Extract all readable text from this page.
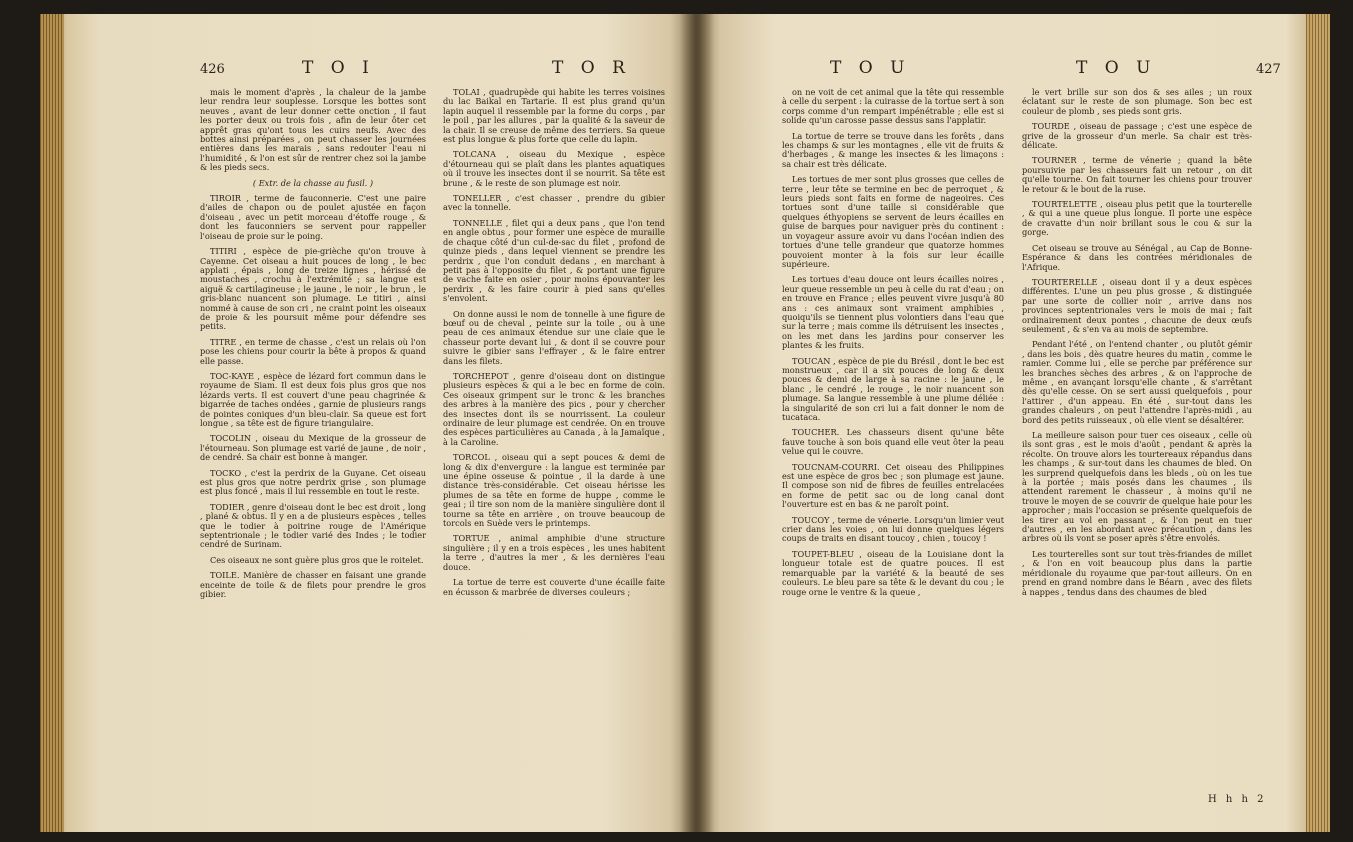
426	T O I	T O R

mais le moment d'après , la chaleur de la jambe leur rendra leur souplesse. Lorsque les bottes sont neuves , avant de leur donner cette onction , il faut les porter deux ou trois fois , afin de leur ôter cet apprêt gras qu'ont tous les cuirs neufs. Avec des bottes ainsi préparées , on peut chasser les journées entières dans les marais , sans redouter l'eau ni l'humidité , & l'on est sûr de rentrer chez soi la jambe & les pieds secs.

( Extr. de la chasse au fusil. )

TIROIR , terme de fauconnerie. C'est une paire d'ailes de chapon ou de poulet ajustée en façon d'oiseau , avec un petit morceau d'étoffe rouge , & dont les fauconniers se servent pour rappeller l'oiseau de proie sur le poing.

TITIRI , espèce de pie-grièche qu'on trouve à Cayenne. Cet oiseau a huit pouces de long , le bec applati , épais , long de treize lignes , hérissé de moustaches , crochu à l'extrémité ; sa langue est aiguë & cartilagineuse ; le jaune , le noir , le brun , le gris-blanc nuancent son plumage. Le titiri , ainsi nommé à cause de son cri , ne craint point les oiseaux de proie & les poursuit même pour défendre ses petits.

TITRE , en terme de chasse , c'est un relais où l'on pose les chiens pour courir la bête à propos & quand elle passe.

TOC-KAYE , espèce de lézard fort commun dans le royaume de Siam. Il est deux fois plus gros que nos lézards verts. Il est couvert d'une peau chagrinée & bigarrée de taches ondées , garnie de plusieurs rangs de pointes coniques d'un bleu-clair. Sa queue est fort longue , sa tête est de figure triangulaire.

TOCOLIN , oiseau du Mexique de la grosseur de l'étourneau. Son plumage est varié de jaune , de noir , de cendré. Sa chair est bonne à manger.

TOCKO , c'est la perdrix de la Guyane. Cet oiseau est plus gros que notre perdrix grise , son plumage est plus foncé , mais il lui ressemble en tout le reste.

TODIER , genre d'oiseau dont le bec est droit , long , plané & obtus. Il y en a de plusieurs espèces , telles que le todier à poitrine rouge de l'Amérique septentrionale ; le todier varié des Indes ; le todier cendré de Surinam.

Ces oiseaux ne sont guère plus gros que le roitelet.

TOILE. Manière de chasser en faisant une grande enceinte de toile & de filets pour prendre le gros gibier.

TOLAI , quadrupède qui habite les terres voisines du lac Baikal en Tartarie. Il est plus grand qu'un lapin auquel il ressemble par la forme du corps , par le poil , par les allures , par la qualité & la saveur de la chair. Il se creuse de même des terriers. Sa queue est plus longue & plus forte que celle du lapin.

TOLCANA , oiseau du Mexique , espèce d'étourneau qui se plaît dans les plantes aquatiques où il trouve les insectes dont il se nourrit. Sa tête est brune , & le reste de son plumage est noir.

TONELLER , c'est chasser , prendre du gibier avec la tonnelle.

TONNELLE , filet qui a deux pans , que l'on tend en angle obtus , pour former une espèce de muraille de chaque côté d'un cul-de-sac du filet , profond de quinze pieds , dans lequel viennent se prendre les perdrix , que l'on conduit dedans , en marchant à petit pas à l'opposite du filet , & portant une figure de vache faite en osier , pour moins épouvanter les perdrix , & les faire courir à pied sans qu'elles s'envolent.

On donne aussi le nom de tonnelle à une figure de bœuf ou de cheval , peinte sur la toile , ou à une peau de ces animaux étendue sur une claie que le chasseur porte devant lui , & dont il se couvre pour suivre le gibier sans l'effrayer , & le faire entrer dans les filets.

TORCHEPOT , genre d'oiseau dont on distingue plusieurs espèces & qui a le bec en forme de coin. Ces oiseaux grimpent sur le tronc & les branches des arbres à la manière des pics , pour y chercher des insectes dont ils se nourrissent. La couleur ordinaire de leur plumage est cendrée. On en trouve des espèces particulières au Canada , à la Jamaïque , à la Caroline.

TORCOL , oiseau qui a sept pouces & demi de long & dix d'envergure : la langue est terminée par une épine osseuse & pointue , il la darde à une distance très-considérable. Cet oiseau hérisse les plumes de sa tête en forme de huppe , comme le geai ; il tire son nom de la manière singulière dont il tourne sa tête en arrière , on trouve beaucoup de torcols en Suède vers le printemps.

TORTUE , animal amphibie d'une structure singulière ; il y en a trois espèces , les unes habitent la terre , d'autres la mer , & les dernières l'eau douce.

La tortue de terre est couverte d'une écaille faite en écusson & marbrée de diverses couleurs ;

T O U	T O U	427

on ne voit de cet animal que la tête qui ressemble à celle du serpent : la cuirasse de la tortue sert à son corps comme d'un rempart impénétrable ; elle est si solide qu'un carosse passe dessus sans l'applatir.

La tortue de terre se trouve dans les forêts , dans les champs & sur les montagnes , elle vit de fruits & d'herbages , & mange les insectes & les limaçons : sa chair est très délicate.

Les tortues de mer sont plus grosses que celles de terre , leur tête se termine en bec de perroquet , & leurs pieds sont faits en forme de nageoires. Ces tortues sont d'une taille si considérable que quelques éthyopiens se servent de leurs écailles en guise de barques pour naviguer près du continent : un voyageur assure avoir vu dans l'océan indien des tortues d'une telle grandeur que quatorze hommes pouvoient monter à la fois sur leur écaille supérieure.

Les tortues d'eau douce ont leurs écailles noires , leur queue ressemble un peu à celle du rat d'eau ; on en trouve en France ; elles peuvent vivre jusqu'à 80 ans : ces animaux sont vraiment amphibies , quoiqu'ils se tiennent plus volontiers dans l'eau que sur la terre ; mais comme ils détruisent les insectes , on les met dans les jardins pour conserver les plantes & les fruits.

TOUCAN , espèce de pie du Brésil , dont le bec est monstrueux , car il a six pouces de long & deux pouces & demi de large à sa racine : le jaune , le blanc , le cendré , le rouge , le noir nuancent son plumage. Sa langue ressemble à une plume déliée : la singularité de son cri lui a fait donner le nom de tucataca.

TOUCHER. Les chasseurs disent qu'une bête fauve touche à son bois quand elle veut ôter la peau velue qui le couvre.

TOUCNAM-COURRI. Cet oiseau des Philippines est une espèce de gros bec ; son plumage est jaune. Il compose son nid de fibres de feuilles entrelacées en forme de petit sac ou de long canal dont l'ouverture est en bas & ne paroît point.

TOUCOY , terme de vénerie. Lorsqu'un limier veut crier dans les voies , on lui donne quelques légers coups de traits en disant toucoy , chien , toucoy !

TOUPET-BLEU , oiseau de la Louisiane dont la longueur totale est de quatre pouces. Il est remarquable par la variété & la beauté de ses couleurs. Le bleu pare sa tête & le devant du cou ; le rouge orne le ventre & la queue ,

le vert brille sur son dos & ses ailes ; un roux éclatant sur le reste de son plumage. Son bec est couleur de plomb , ses pieds sont gris.

TOURDE , oiseau de passage ; c'est une espèce de grive de la grosseur d'un merle. Sa chair est très-délicate.

TOURNER , terme de vénerie ; quand la bête poursuivie par les chasseurs fait un retour , on dit qu'elle tourne. On fait tourner les chiens pour trouver le retour & le bout de la ruse.

TOURTELETTE , oiseau plus petit que la tourterelle , & qui a une queue plus longue. Il porte une espèce de cravatte d'un noir brillant sous le cou & sur la gorge.

Cet oiseau se trouve au Sénégal , au Cap de Bonne-Espérance & dans les contrées méridionales de l'Afrique.

TOURTERELLE , oiseau dont il y a deux espèces différentes. L'une un peu plus grosse , & distinguée par une sorte de collier noir , arrive dans nos provinces septentrionales vers le mois de mai ; fait ordinairement deux pontes , chacune de deux œufs seulement , & s'en va au mois de septembre.

Pendant l'été , on l'entend chanter , ou plutôt gémir , dans les bois , dès quatre heures du matin , comme le ramier. Comme lui , elle se perche par préférence sur les branches sèches des arbres , & on l'approche de même , en avançant lorsqu'elle chante , & s'arrêtant dès qu'elle cesse. On se sert aussi quelquefois , pour l'attirer , d'un appeau. En été , sur-tout dans les grandes chaleurs , on peut l'attendre l'après-midi , au bord des petits ruisseaux , où elle vient se désaltérer.

La meilleure saison pour tuer ces oiseaux , celle où ils sont gras , est le mois d'août , pendant & après la récolte. On trouve alors les tourtereaux répandus dans les champs , & sur-tout dans les chaumes de bled. On les surprend quelquefois dans les bleds , où on les tue à la portée ; mais posés dans les chaumes , ils attendent rarement le chasseur , à moins qu'il ne trouve le moyen de se couvrir de quelque haie pour les approcher ; mais l'occasion se présente quelquefois de les tirer au vol en passant , & l'on peut en tuer d'autres , en les abordant avec précaution , dans les arbres où ils vont se poser après s'être envolés.

Les tourterelles sont sur tout très-friandes de millet , & l'on en voit beaucoup plus dans la partie méridionale du royaume que par-tout ailleurs. On en prend en grand nombre dans le Béarn , avec des filets à nappes , tendus dans des chaumes de bled

H h h 2
